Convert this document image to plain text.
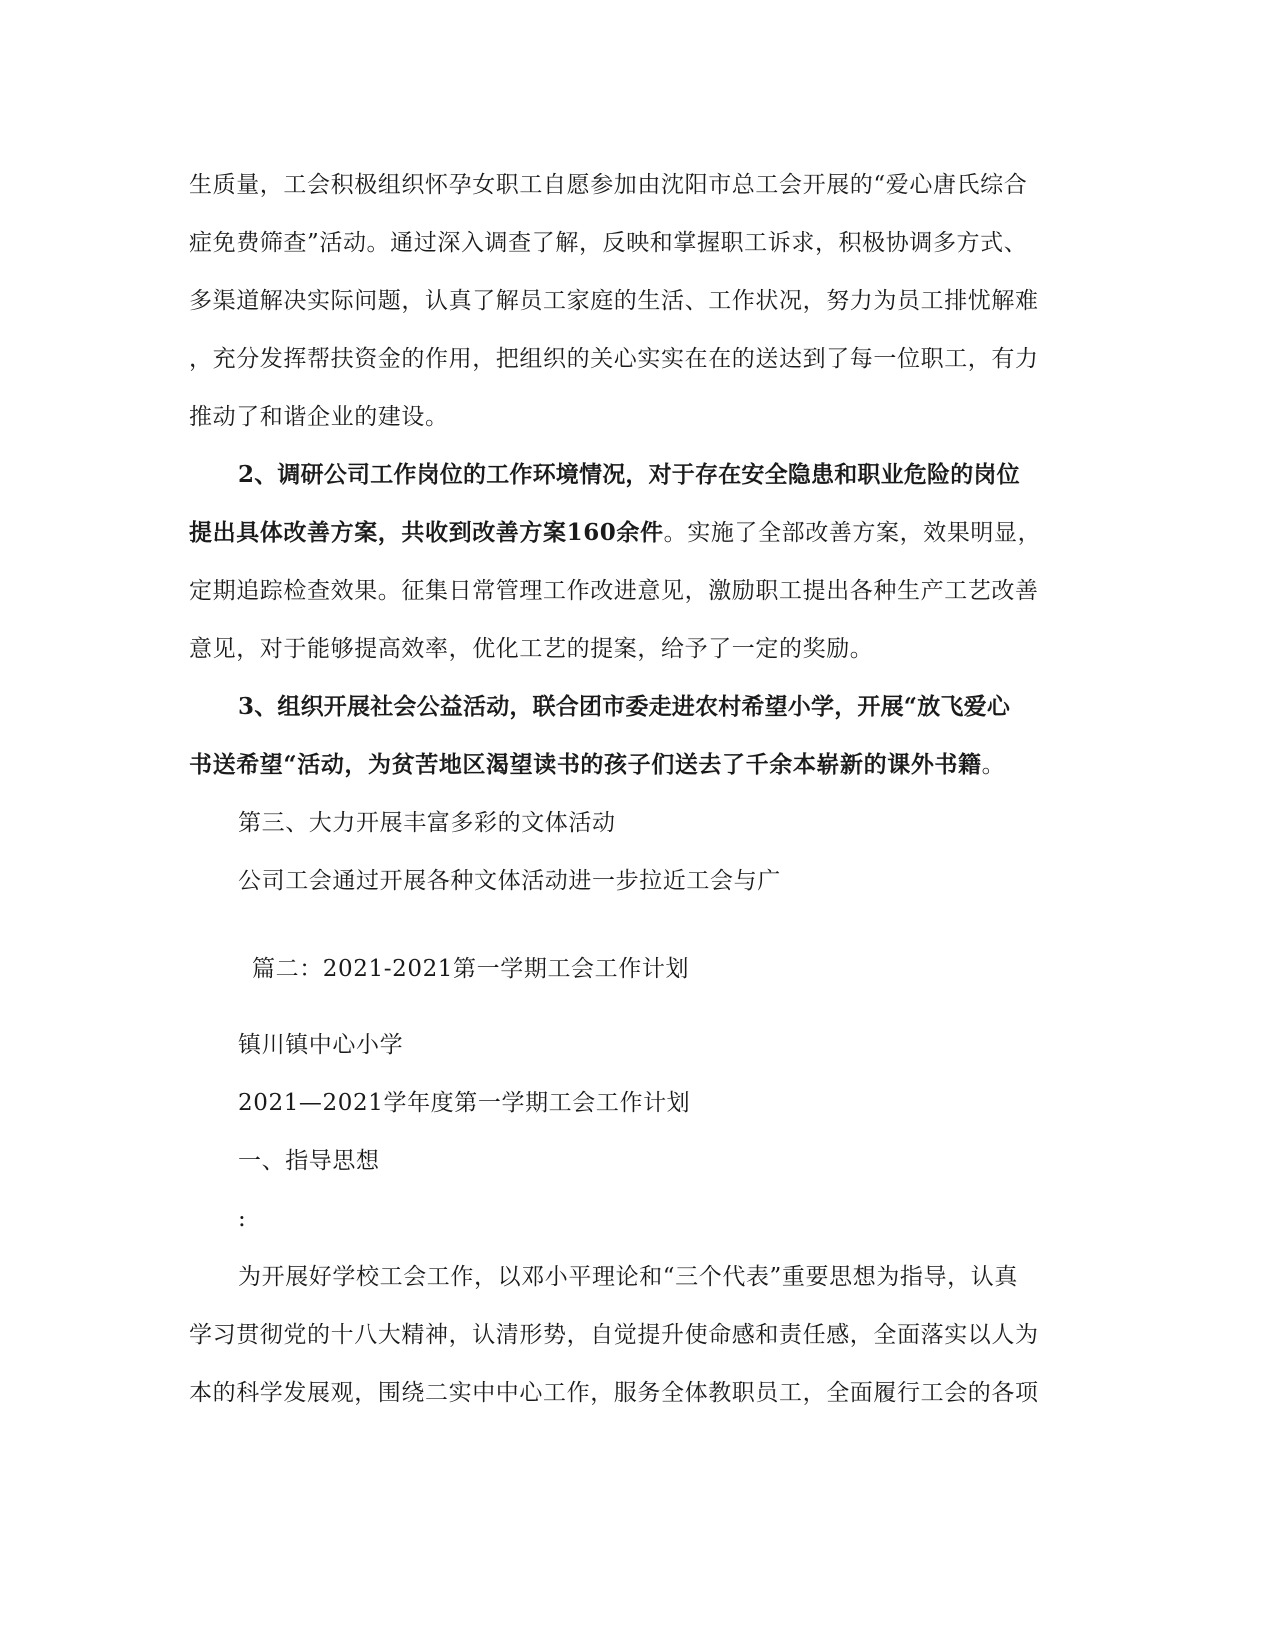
生质量，工会积极组织怀孕女职工自愿参加由沈阳市总工会开展的“爱心唐氏综合
症免费筛查”活动。通过深入调查了解，反映和掌握职工诉求，积极协调多方式、
多渠道解决实际问题，认真了解员工家庭的生活、工作状况，努力为员工排忧解难
，充分发挥帮扶资金的作用，把组织的关心实实在在的送达到了每一位职工，有力
推动了和谐企业的建设。
2、调研公司工作岗位的工作环境情况，对于存在安全隐患和职业危险的岗位
提出具体改善方案，共收到改善方案160余件。实施了全部改善方案，效果明显，
定期追踪检查效果。征集日常管理工作改进意见，激励职工提出各种生产工艺改善
意见，对于能够提高效率，优化工艺的提案，给予了一定的奖励。
3、组织开展社会公益活动，联合团市委走进农村希望小学，开展“放飞爱心
书送希望“活动，为贫苦地区渴望读书的孩子们送去了千余本崭新的课外书籍。
第三、大力开展丰富多彩的文体活动
公司工会通过开展各种文体活动进一步拉近工会与广
篇二：2021-2021第一学期工会工作计划
镇川镇中心小学
2021—2021学年度第一学期工会工作计划
一、指导思想
:
为开展好学校工会工作，以邓小平理论和“三个代表”重要思想为指导，认真
学习贯彻党的十八大精神，认清形势，自觉提升使命感和责任感，全面落实以人为
本的科学发展观，围绕二实中中心工作，服务全体教职员工，全面履行工会的各项
